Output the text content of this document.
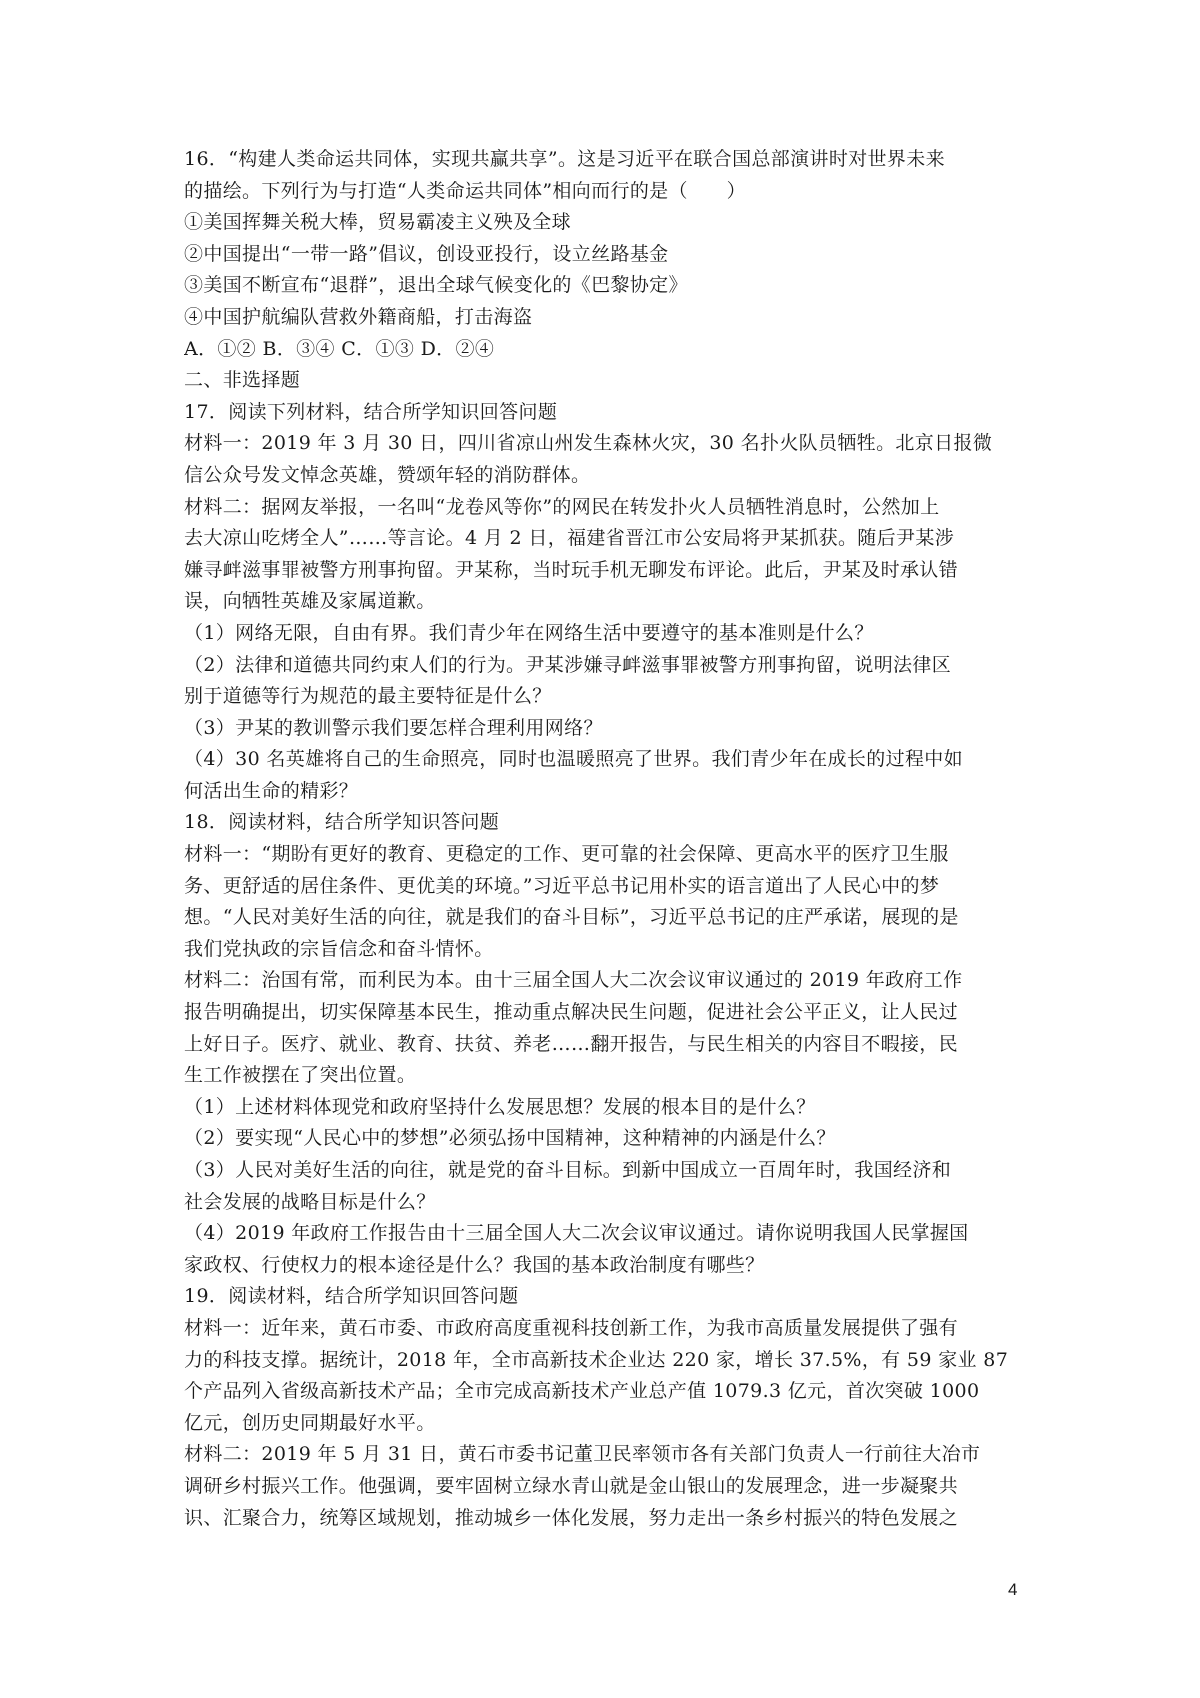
16．“构建人类命运共同体，实现共赢共享”。这是习近平在联合国总部演讲时对世界未来
的描绘。下列行为与打造“人类命运共同体”相向而行的是（　　）
①美国挥舞关税大棒，贸易霸凌主义殃及全球
②中国提出“一带一路”倡议，创设亚投行，设立丝路基金
③美国不断宣布“退群”，退出全球气候变化的《巴黎协定》
④中国护航编队营救外籍商船，打击海盗
A．①② B．③④ C．①③ D．②④
二、非选择题
17．阅读下列材料，结合所学知识回答问题
材料一：2019 年 3 月 30 日，四川省凉山州发生森林火灾，30 名扑火队员牺牲。北京日报微
信公众号发文悼念英雄，赞颂年轻的消防群体。
材料二：据网友举报，一名叫“龙卷风等你”的网民在转发扑火人员牺牲消息时，公然加上
去大凉山吃烤全人”……等言论。4 月 2 日，福建省晋江市公安局将尹某抓获。随后尹某涉
嫌寻衅滋事罪被警方刑事拘留。尹某称，当时玩手机无聊发布评论。此后，尹某及时承认错
误，向牺牲英雄及家属道歉。
（1）网络无限，自由有界。我们青少年在网络生活中要遵守的基本准则是什么？
（2）法律和道德共同约束人们的行为。尹某涉嫌寻衅滋事罪被警方刑事拘留，说明法律区
别于道德等行为规范的最主要特征是什么？
（3）尹某的教训警示我们要怎样合理利用网络？
（4）30 名英雄将自己的生命照亮，同时也温暖照亮了世界。我们青少年在成长的过程中如
何活出生命的精彩？
18．阅读材料，结合所学知识答问题
材料一：“期盼有更好的教育、更稳定的工作、更可靠的社会保障、更高水平的医疗卫生服
务、更舒适的居住条件、更优美的环境。”习近平总书记用朴实的语言道出了人民心中的梦
想。“人民对美好生活的向往，就是我们的奋斗目标”，习近平总书记的庄严承诺，展现的是
我们党执政的宗旨信念和奋斗情怀。
材料二：治国有常，而利民为本。由十三届全国人大二次会议审议通过的 2019 年政府工作
报告明确提出，切实保障基本民生，推动重点解决民生问题，促进社会公平正义，让人民过
上好日子。医疗、就业、教育、扶贫、养老……翻开报告，与民生相关的内容目不暇接，民
生工作被摆在了突出位置。
（1）上述材料体现党和政府坚持什么发展思想？发展的根本目的是什么？
（2）要实现“人民心中的梦想”必须弘扬中国精神，这种精神的内涵是什么？
（3）人民对美好生活的向往，就是党的奋斗目标。到新中国成立一百周年时，我国经济和
社会发展的战略目标是什么？
（4）2019 年政府工作报告由十三届全国人大二次会议审议通过。请你说明我国人民掌握国
家政权、行使权力的根本途径是什么？我国的基本政治制度有哪些？
19．阅读材料，结合所学知识回答问题
材料一：近年来，黄石市委、市政府高度重视科技创新工作，为我市高质量发展提供了强有
力的科技支撑。据统计，2018 年，全市高新技术企业达 220 家，增长 37.5%，有 59 家业 87
个产品列入省级高新技术产品；全市完成高新技术产业总产值 1079.3 亿元，首次突破 1000
亿元，创历史同期最好水平。
材料二：2019 年 5 月 31 日，黄石市委书记董卫民率领市各有关部门负责人一行前往大冶市
调研乡村振兴工作。他强调，要牢固树立绿水青山就是金山银山的发展理念，进一步凝聚共
识、汇聚合力，统筹区域规划，推动城乡一体化发展，努力走出一条乡村振兴的特色发展之
4
